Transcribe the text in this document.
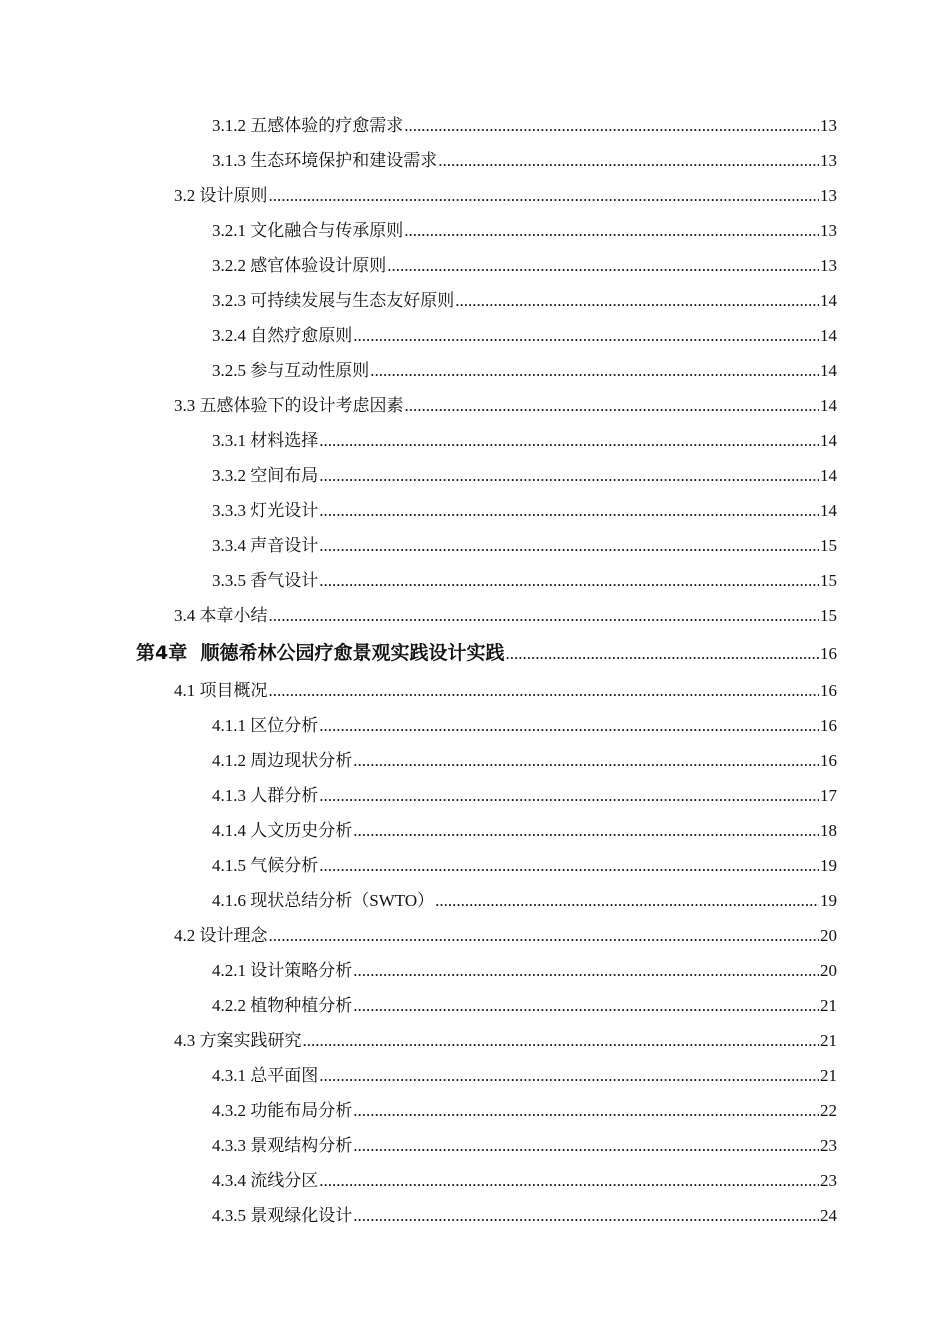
3.1.2 五感体验的疗愈需求 .....	13
3.1.3 生态环境保护和建设需求 .....	13
3.2 设计原则 .....	13
3.2.1 文化融合与传承原则 .....	13
3.2.2 感官体验设计原则 .....	13
3.2.3 可持续发展与生态友好原则 .....	14
3.2.4 自然疗愈原则 .....	14
3.2.5 参与互动性原则 .....	14
3.3 五感体验下的设计考虑因素 .....	14
3.3.1 材料选择 .....	14
3.3.2 空间布局 .....	14
3.3.3 灯光设计 .....	14
3.3.4 声音设计 .....	15
3.3.5 香气设计 .....	15
3.4 本章小结 .....	15
第4章 顺德希林公园疗愈景观实践设计实践 .....	16
4.1 项目概况 .....	16
4.1.1 区位分析 .....	16
4.1.2 周边现状分析 .....	16
4.1.3 人群分析 .....	17
4.1.4 人文历史分析 .....	18
4.1.5 气候分析 .....	19
4.1.6 现状总结分析（SWTO） .....	19
4.2 设计理念 .....	20
4.2.1 设计策略分析 .....	20
4.2.2 植物种植分析 .....	21
4.3 方案实践研究 .....	21
4.3.1 总平面图 .....	21
4.3.2 功能布局分析 .....	22
4.3.3 景观结构分析 .....	23
4.3.4 流线分区 .....	23
4.3.5 景观绿化设计 .....	24
